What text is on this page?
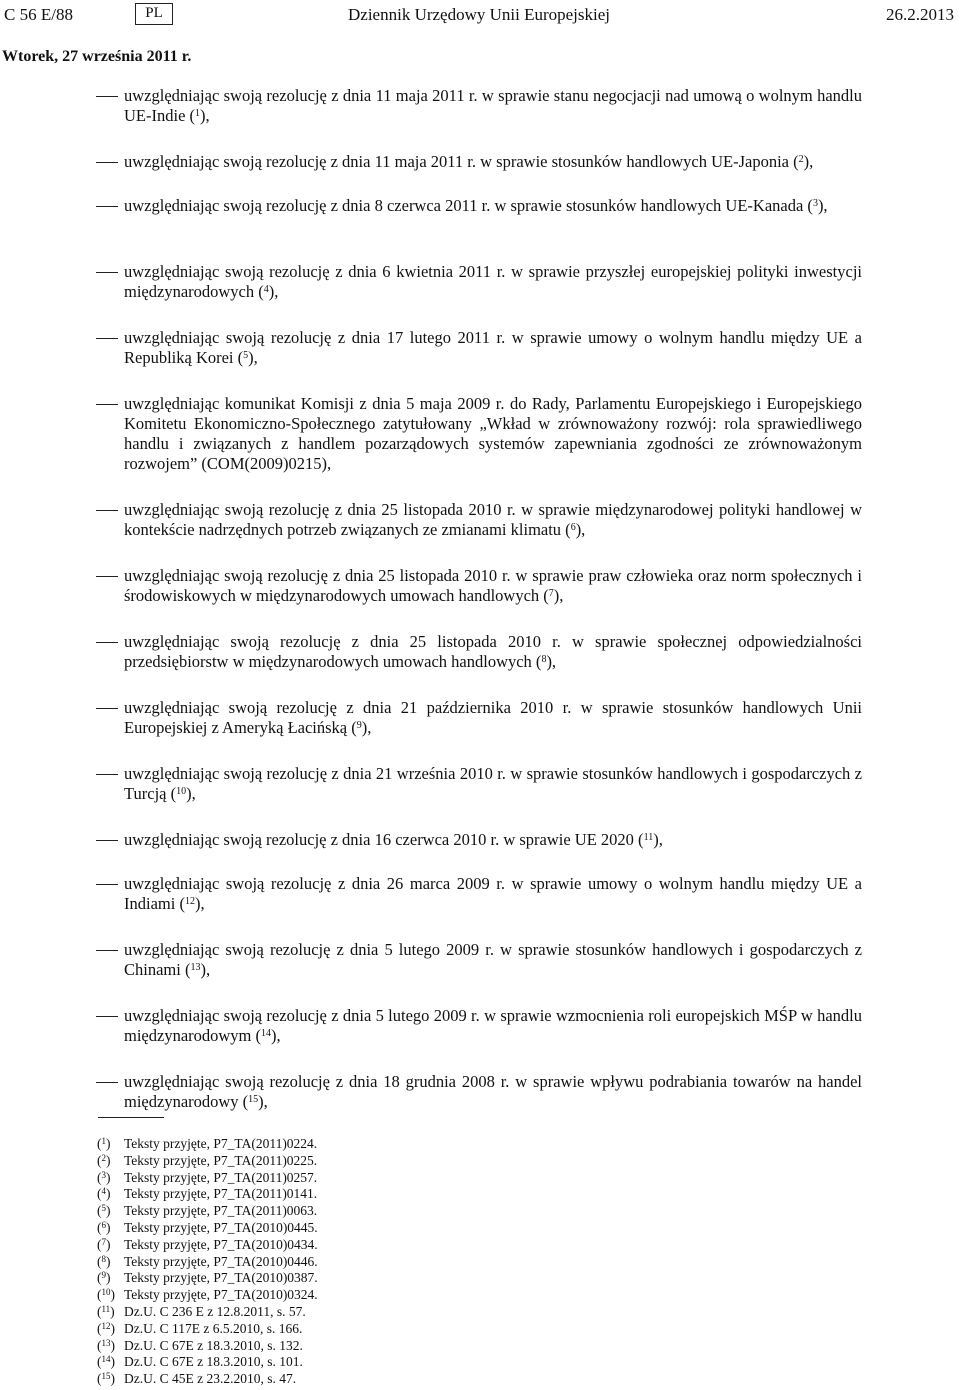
C 56 E/88	PL	Dziennik Urzędowy Unii Europejskiej	26.2.2013
Wtorek, 27 września 2011 r.
uwzględniając swoją rezolucję z dnia 11 maja 2011 r. w sprawie stanu negocjacji nad umową o wolnym handlu UE-Indie ($^1$),
uwzględniając swoją rezolucję z dnia 11 maja 2011 r. w sprawie stosunków handlowych UE-Japonia ($^2$),
uwzględniając swoją rezolucję z dnia 8 czerwca 2011 r. w sprawie stosunków handlowych UE-Kanada ($^3$),
uwzględniając swoją rezolucję z dnia 6 kwietnia 2011 r. w sprawie przyszłej europejskiej polityki inwestycji międzynarodowych ($^4$),
uwzględniając swoją rezolucję z dnia 17 lutego 2011 r. w sprawie umowy o wolnym handlu między UE a Republiką Korei ($^5$),
uwzględniając komunikat Komisji z dnia 5 maja 2009 r. do Rady, Parlamentu Europejskiego i Europejskiego Komitetu Ekonomiczno-Społecznego zatytułowany „Wkład w zrównoważony rozwój: rola sprawiedliwego handlu i związanych z handlem pozarządowych systemów zapewniania zgodności ze zrównoważonym rozwojem” (COM(2009)0215),
uwzględniając swoją rezolucję z dnia 25 listopada 2010 r. w sprawie międzynarodowej polityki handlowej w kontekście nadrzędnych potrzeb związanych ze zmianami klimatu ($^6$),
uwzględniając swoją rezolucję z dnia 25 listopada 2010 r. w sprawie praw człowieka oraz norm społecznych i środowiskowych w międzynarodowych umowach handlowych ($^7$),
uwzględniając swoją rezolucję z dnia 25 listopada 2010 r. w sprawie społecznej odpowiedzialności przedsiębiorstw w międzynarodowych umowach handlowych ($^8$),
uwzględniając swoją rezolucję z dnia 21 października 2010 r. w sprawie stosunków handlowych Unii Europejskiej z Ameryką Łacińską ($^9$),
uwzględniając swoją rezolucję z dnia 21 września 2010 r. w sprawie stosunków handlowych i gospodarczych z Turcją ($^{10}$),
uwzględniając swoją rezolucję z dnia 16 czerwca 2010 r. w sprawie UE 2020 ($^{11}$),
uwzględniając swoją rezolucję z dnia 26 marca 2009 r. w sprawie umowy o wolnym handlu między UE a Indiami ($^{12}$),
uwzględniając swoją rezolucję z dnia 5 lutego 2009 r. w sprawie stosunków handlowych i gospodarczych z Chinami ($^{13}$),
uwzględniając swoją rezolucję z dnia 5 lutego 2009 r. w sprawie wzmocnienia roli europejskich MŚP w handlu międzynarodowym ($^{14}$),
uwzględniając swoją rezolucję z dnia 18 grudnia 2008 r. w sprawie wpływu podrabiania towarów na handel międzynarodowy ($^{15}$),
($^1$)	Teksty przyjęte, P7_TA(2011)0224.
($^2$)	Teksty przyjęte, P7_TA(2011)0225.
($^3$)	Teksty przyjęte, P7_TA(2011)0257.
($^4$)	Teksty przyjęte, P7_TA(2011)0141.
($^5$)	Teksty przyjęte, P7_TA(2011)0063.
($^6$)	Teksty przyjęte, P7_TA(2010)0445.
($^7$)	Teksty przyjęte, P7_TA(2010)0434.
($^8$)	Teksty przyjęte, P7_TA(2010)0446.
($^9$)	Teksty przyjęte, P7_TA(2010)0387.
($^{10}$) Teksty przyjęte, P7_TA(2010)0324.
($^{11}$) Dz.U. C 236 E z 12.8.2011, s. 57.
($^{12}$) Dz.U. C 117E z 6.5.2010, s. 166.
($^{13}$) Dz.U. C 67E z 18.3.2010, s. 132.
($^{14}$) Dz.U. C 67E z 18.3.2010, s. 101.
($^{15}$) Dz.U. C 45E z 23.2.2010, s. 47.
